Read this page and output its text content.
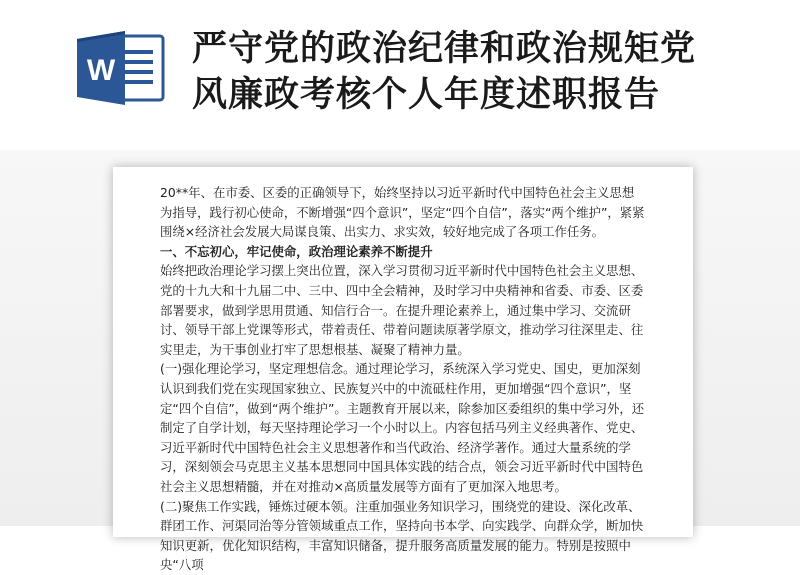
W
严守党的政治纪律和政治规矩党
风廉政考核个人年度述职报告

20**年、在市委、区委的正确领导下，始终坚持以习近平新时代中国特色社会主义思想为指导，践行初心使命，不断增强“四个意识”，坚定“四个自信”，落实“两个维护”，紧紧围绕×经济社会发展大局谋良策、出实力、求实效，较好地完成了各项工作任务。

一、不忘初心，牢记使命，政治理论素养不断提升

始终把政治理论学习摆上突出位置，深入学习贯彻习近平新时代中国特色社会主义思想、党的十九大和十九届二中、三中、四中全会精神，及时学习中央精神和省委、市委、区委部署要求，做到学思用贯通、知信行合一。在提升理论素养上，通过集中学习、交流研讨、领导干部上党课等形式，带着责任、带着问题读原著学原文，推动学习往深里走、往实里走，为干事创业打牢了思想根基、凝聚了精神力量。

(一)强化理论学习，坚定理想信念。通过理论学习，系统深入学习党史、国史，更加深刻认识到我们党在实现国家独立、民族复兴中的中流砥柱作用，更加增强“四个意识”，坚定“四个自信”，做到“两个维护”。主题教育开展以来，除参加区委组织的集中学习外，还制定了自学计划，每天坚持理论学习一个小时以上。内容包括马列主义经典著作、党史、习近平新时代中国特色社会主义思想著作和当代政治、经济学著作。通过大量系统的学习，深刻领会马克思主义基本思想同中国具体实践的结合点，领会习近平新时代中国特色社会主义思想精髓，并在对推动×高质量发展等方面有了更加深入地思考。

(二)聚焦工作实践，锤炼过硬本领。注重加强业务知识学习，围绕党的建设、深化改革、群团工作、河渠同治等分管领域重点工作，坚持向书本学、向实践学、向群众学，断加快知识更新，优化知识结构，丰富知识储备，提升服务高质量发展的能力。特别是按照中央“八项
